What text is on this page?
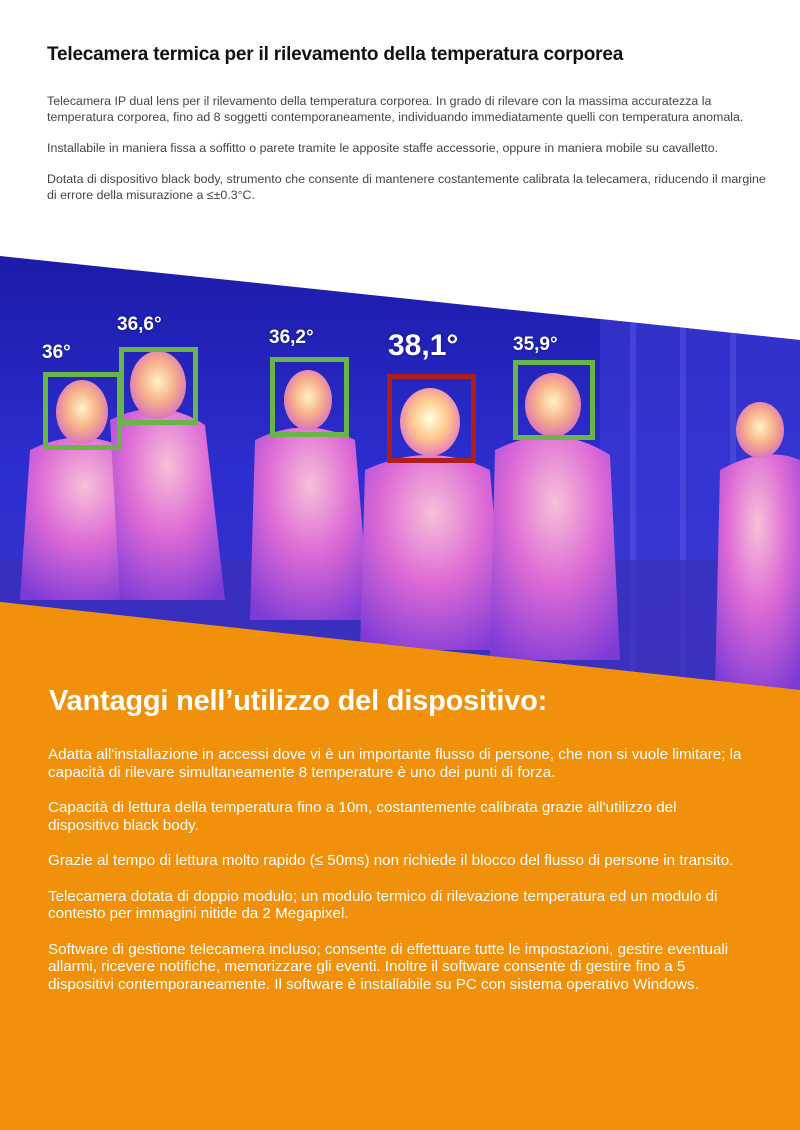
Telecamera termica per il rilevamento della temperatura corporea

Telecamera IP dual lens per il rilevamento della temperatura corporea. In grado di rilevare con la massima accuratezza la temperatura corporea, fino ad 8 soggetti contemporaneamente, individuando immediatamente quelli con temperatura anomala.

Installabile in maniera fissa a soffitto o parete tramite le apposite staffe accessorie, oppure in maniera mobile su cavalletto.

Dotata di dispositivo black body, strumento che consente di mantenere costantemente calibrata la telecamera, riducendo il margine di errore della misurazione a ≤±0.3°C.

36°
36,6°
36,2° 38,1°	35,9°
Vantaggi nell’utilizzo del dispositivo:

Adatta all'installazione in accessi dove vi è un importante flusso di persone, che non si vuole limitare; la capacità di rilevare simultaneamente 8 temperature è uno dei punti di forza.

Capacità di lettura della temperatura fino a 10m, costantemente calibrata grazie all'utilizzo del dispositivo black body.

Grazie al tempo di lettura molto rapido (≤ 50ms) non richiede il blocco del flusso di persone in transito.

Telecamera dotata di doppio modulo; un modulo termico di rilevazione temperatura ed un modulo di contesto per immagini nitide da 2 Megapixel.

Software di gestione telecamera incluso; consente di effettuare tutte le impostazioni, gestire eventuali allarmi, ricevere notifiche, memorizzare gli eventi. Inoltre il software consente di gestire fino a 5 dispositivi contemporaneamente. Il software è installabile su PC con sistema operativo Windows.
